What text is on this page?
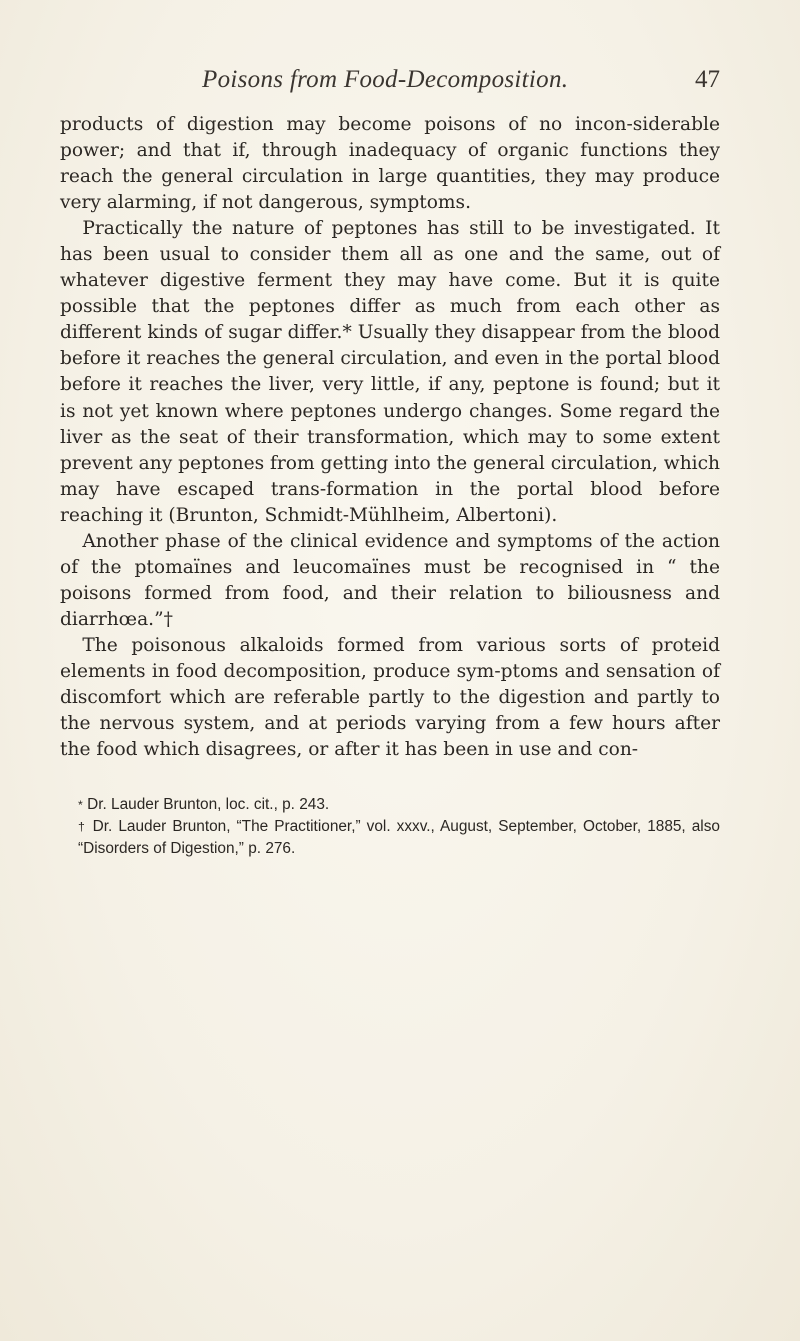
Poisons from Food-Decomposition.	47

products of digestion may become poisons of no incon-siderable power; and that if, through inadequacy of organic functions they reach the general circulation in large quantities, they may produce very alarming, if not dangerous, symptoms.

Practically the nature of peptones has still to be investigated. It has been usual to consider them all as one and the same, out of whatever digestive ferment they may have come. But it is quite possible that the peptones differ as much from each other as different kinds of sugar differ.* Usually they disappear from the blood before it reaches the general circulation, and even in the portal blood before it reaches the liver, very little, if any, peptone is found; but it is not yet known where peptones undergo changes. Some regard the liver as the seat of their transformation, which may to some extent prevent any peptones from getting into the general circulation, which may have escaped trans-formation in the portal blood before reaching it (Brunton, Schmidt-Mühlheim, Albertoni).

Another phase of the clinical evidence and symptoms of the action of the ptomaïnes and leucomaïnes must be recognised in “ the poisons formed from food, and their relation to biliousness and diarrhœa.”†

The poisonous alkaloids formed from various sorts of proteid elements in food decomposition, produce sym-ptoms and sensation of discomfort which are referable partly to the digestion and partly to the nervous system, and at periods varying from a few hours after the food which disagrees, or after it has been in use and con-

* Dr. Lauder Brunton, loc. cit., p. 243.

† Dr. Lauder Brunton, “The Practitioner,” vol. xxxv., August, September, October, 1885, also “Disorders of Digestion,” p. 276.
